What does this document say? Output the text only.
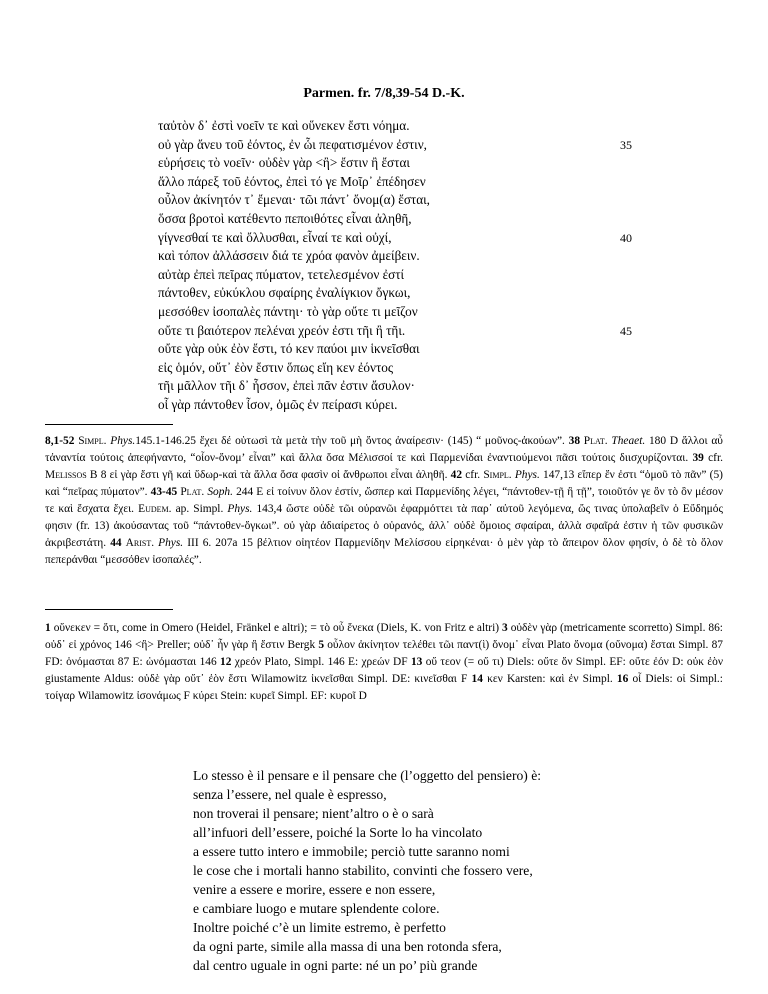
Parmen. fr. 7/8,39-54 D.-K.
ταὐτὸν δ᾽ ἐστὶ νοεῖν τε καὶ οὕνεκεν ἔστι νόημα.
οὐ γὰρ ἄνευ τοῦ ἐόντος, ἐν ὧι πεφατισμένον ἐστιν,	35
εὑρήσεις τὸ νοεῖν· οὐδὲν γὰρ <ἢ> ἔστιν ἢ ἔσται
ἄλλο πάρεξ τοῦ ἐόντος, ἐπεὶ τό γε Μοῖρ᾽ ἐπέδησεν
οὖλον ἀκίνητόν τ᾽ ἔμεναι· τῶι πάντ᾽ ὄνομ(α) ἔσται,
ὅσσα βροτοὶ κατέθεντο πεποιθότες εἶναι ἀληθῆ,
γίγνεσθαί τε καὶ ὄλλυσθαι, εἶναί τε καὶ οὐχί,	40
καὶ τόπον ἀλλάσσειν διά τε χρόα φανὸν ἀμείβειν.
αὐτὰρ ἐπεὶ πεῖρας πύματον, τετελεσμένον ἐστί
πάντοθεν, εὐκύκλου σφαίρης ἐναλίγκιον ὄγκωι,
μεσσόθεν ἰσοπαλὲς πάντηι· τὸ γὰρ οὔτε τι μεῖζον
οὔτε τι βαιότερον πελέναι χρεόν ἐστι τῆι ἢ τῆι.	45
οὔτε γὰρ οὐκ ἐὸν ἔστι, τό κεν παύοι μιν ἱκνεῖσθαι
εἰς ὁμόν, οὔτ᾽ ἐὸν ἔστιν ὅπως εἴη κεν ἐόντος
τῆι μᾶλλον τῆι δ᾽ ἧσσον, ἐπεὶ πᾶν ἐστιν ἄσυλον·
οἷ γὰρ πάντοθεν ἶσον, ὁμῶς ἐν πείρασι κύρει.
8,1-52 Simpl. Phys.145.1-146.25 ἔχει δέ οὑτωσὶ τὰ μετὰ τὴν τοῦ μὴ ὄντος ἀναίρεσιν· (145) “ μοῦνος-ἀκούων”. 38 Plat. Theaet. 180 D ἄλλοι αὖ τἀναντία τούτοις ἀπεφήναντο, “οἷον-ὄνομ’ εἶναι” καὶ ἄλλα ὅσα Μέλισσοί τε καὶ Παρμενίδαι ἐναντιούμενοι πᾶσι τούτοις διισχυρίζονται. 39 cfr. Melissos B 8 εἰ γὰρ ἔστι γῆ καὶ ὕδωρ-καὶ τὰ ἄλλα ὅσα φασὶν οἱ ἄνθρωποι εἶναι ἀληθῆ. 42 cfr. Simpl. Phys. 147,13 εἴπερ ἕν ἐστι “ὁμοῦ τὸ πᾶν” (5) καὶ “πεῖρας πύματον”. 43-45 Plat. Soph. 244 E εἰ τοίνυν ὅλον ἐστίν, ὥσπερ καὶ Παρμενίδης λέγει, “πάντοθεν-τῇ ἢ τῇ”, τοιοῦτόν γε ὂν τὸ ὂν μέσον τε καὶ ἔσχατα ἔχει. Eudem. ap. Simpl. Phys. 143,4 ὥστε οὐδὲ τῶι οὐρανῶι ἐφαρμόττει τὰ παρ᾽ αὐτοῦ λεγόμενα, ὥς τινας ὑπολαβεῖν ὁ Εὔδημός φησιν (fr. 13) ἀκούσαντας τοῦ “πάντοθεν-ὄγκωι”. οὐ γὰρ ἀδιαίρετος ὁ οὐρανός, ἀλλ᾽ οὐδὲ ὅμοιος σφαίραι, ἀλλὰ σφαῖρά ἐστιν ἡ τῶν φυσικῶν ἀκριβεστάτη. 44 Arist. Phys. III 6. 207a 15 βέλτιον οἰητέον Παρμενίδην Μελίσσου εἰρηκέναι· ὁ μὲν γὰρ τὸ ἄπειρον ὅλον φησίν, ὁ δὲ τὸ ὅλον πεπεράνθαι “μεσσόθεν ἰσοπαλές”.
1 οὕνεκεν = ὅτι, come in Omero (Heidel, Fränkel e altri); = τὸ οὗ ἕνεκα (Diels, K. von Fritz e altri) 3 οὐδὲν γὰρ (metricamente scorretto) Simpl. 86: οὐδ᾽ εἰ χρόνος 146 <ἢ> Preller; οὐδ᾽ ἦν γὰρ ἢ ἔστιν Bergk 5 οὖλον ἀκίνητον τελέθει τῶι παντ(ὶ) ὄνομ᾽ εἶναι Plato ὄνομα (οὔνομα) ἔσται Simpl. 87 FD: ὀνόμασται 87 E: ὠνόμασται 146 12 χρεόν Plato, Simpl. 146 E: χρεών DF 13 οὔ τεον (= οὔ τι) Diels: οὔτε ὄν Simpl. EF: οὔτε ἐόν D: οὐκ ἐὸν giustamente Aldus: οὐδὲ γὰρ οὔτ᾽ ἐὸν ἔστι Wilamowitz ἱκνεῖσθαι Simpl. DE: κινεῖσθαι F 14 κεν Karsten: καὶ ἐν Simpl. 16 οἷ Diels: οἱ Simpl.: τοίγαρ Wilamowitz ἰσονάμως F κύρει Stein: κυρεῖ Simpl. EF: κυροῖ D
Lo stesso è il pensare e il pensare che (l’oggetto del pensiero) è:
senza l’essere, nel quale è espresso,
non troverai il pensare; nient’altro o è o sarà
all’infuori dell’essere, poiché la Sorte lo ha vincolato
a essere tutto intero e immobile; perciò tutte saranno nomi
le cose che i mortali hanno stabilito, convinti che fossero vere,
venire a essere e morire, essere e non essere,
e cambiare luogo e mutare splendente colore.
Inoltre poiché c’è un limite estremo, è perfetto
da ogni parte, simile alla massa di una ben rotonda sfera,
dal centro uguale in ogni parte: né un po’ più grande
